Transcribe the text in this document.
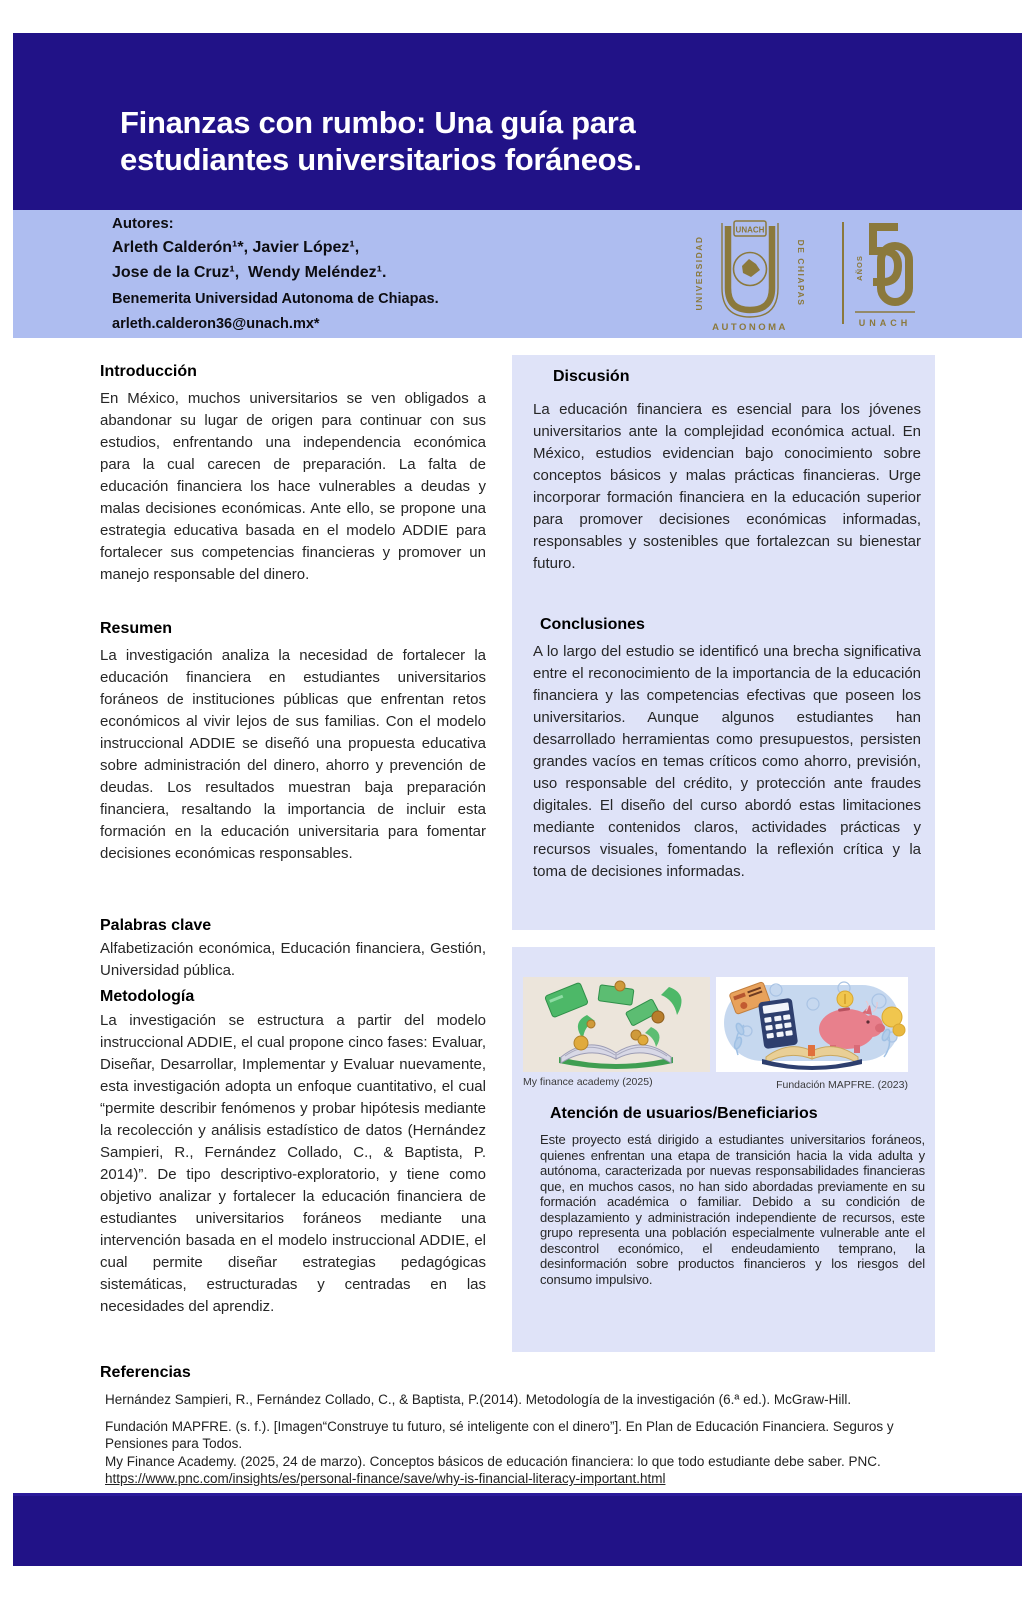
Finanzas con rumbo: Una guía para
estudiantes universitarios foráneos.
Autores:
Arleth Calderón¹*, Javier López¹,
Jose de la Cruz¹,  Wendy Meléndez¹.
Benemerita Universidad Autonoma de Chiapas.
arleth.calderon36@unach.mx*
UNACH
UNIVERSIDAD	DE CHIAPAS
AUTONOMA
AÑOS
UNACH
Introducción
En México, muchos universitarios se ven obligados a abandonar su lugar de origen para continuar con sus estudios, enfrentando una independencia económica para la cual carecen de preparación. La falta de educación financiera los hace vulnerables a deudas y malas decisiones económicas. Ante ello, se propone una estrategia educativa basada en el modelo ADDIE para fortalecer sus competencias financieras y promover un manejo responsable del dinero.
Resumen
La investigación analiza la necesidad de fortalecer la educación financiera en estudiantes universitarios foráneos de instituciones públicas que enfrentan retos económicos al vivir lejos de sus familias. Con el modelo instruccional ADDIE se diseñó una propuesta educativa sobre administración del dinero, ahorro y prevención de deudas. Los resultados muestran baja preparación financiera, resaltando la importancia de incluir esta formación en la educación universitaria para fomentar decisiones económicas responsables.
Palabras clave
Alfabetización económica, Educación financiera, Gestión, Universidad pública.
Metodología
La investigación se estructura a partir del modelo instruccional ADDIE, el cual propone cinco fases: Evaluar, Diseñar, Desarrollar, Implementar y Evaluar nuevamente, esta investigación adopta un enfoque cuantitativo, el cual “permite describir fenómenos y probar hipótesis mediante la recolección y análisis estadístico de datos (Hernández Sampieri, R., Fernández Collado, C., & Baptista, P. 2014)”. De tipo descriptivo-exploratorio, y tiene como objetivo analizar y fortalecer la educación financiera de estudiantes universitarios foráneos mediante una intervención basada en el modelo instruccional ADDIE, el cual permite diseñar estrategias pedagógicas sistemáticas, estructuradas y centradas en las necesidades del aprendiz.
Discusión
La educación financiera es esencial para los jóvenes universitarios ante la complejidad económica actual. En México, estudios evidencian bajo conocimiento sobre conceptos básicos y malas prácticas financieras. Urge incorporar formación financiera en la educación superior para promover decisiones económicas informadas, responsables y sostenibles que fortalezcan su bienestar futuro.
Conclusiones
A lo largo del estudio se identificó una brecha significativa entre el reconocimiento de la importancia de la educación financiera y las competencias efectivas que poseen los universitarios. Aunque algunos estudiantes han desarrollado herramientas como presupuestos, persisten grandes vacíos en temas críticos como ahorro, previsión, uso responsable del crédito, y protección ante fraudes digitales. El diseño del curso abordó estas limitaciones mediante contenidos claros, actividades prácticas y recursos visuales, fomentando la reflexión crítica y la toma de decisiones informadas.
My finance academy (2025)	Fundación MAPFRE. (2023)
Atención de usuarios/Beneficiarios
Este proyecto está dirigido a estudiantes universitarios foráneos, quienes enfrentan una etapa de transición hacia la vida adulta y autónoma, caracterizada por nuevas responsabilidades financieras que, en muchos casos, no han sido abordadas previamente en su formación académica o familiar. Debido a su condición de desplazamiento y administración independiente de recursos, este grupo representa una población especialmente vulnerable ante el descontrol económico, el endeudamiento temprano, la desinformación sobre productos financieros y los riesgos del consumo impulsivo.
Referencias
Hernández Sampieri, R., Fernández Collado, C., & Baptista, P.(2014). Metodología de la investigación (6.ª ed.). McGraw-Hill.
Fundación MAPFRE. (s. f.). [Imagen“Construye tu futuro, sé inteligente con el dinero”]. En Plan de Educación Financiera. Seguros y Pensiones para Todos.
My Finance Academy. (2025, 24 de marzo). Conceptos básicos de educación financiera: lo que todo estudiante debe saber. PNC.
https://www.pnc.com/insights/es/personal-finance/save/why-is-financial-literacy-important.html
